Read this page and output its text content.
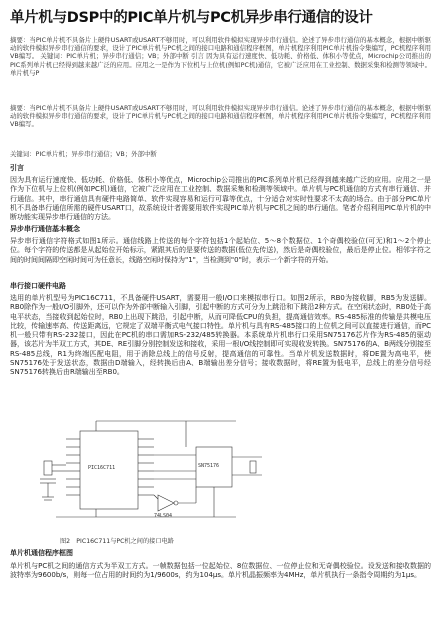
单片机与DSP中的PIC单片机与PC机异步串行通信的设计

摘要：当PIC单片机不具备片上硬件USART或USART不够用时，可以利用软件模拟实现异步串行通信。论述了异步串行通信的基本概念，根据中断驱动的软件模拟异步串行通信的要求，设计了PIC单片机与PC机之间的接口电路和通信程序框图，单片机程序利用PIC单片机指令集编写，PC机程序利用VB编写。 关键词：PIC单片机；异步串行通信；VB；外部中断 引言 因为具有运行速度快、低功耗、价格低、体积小等优点，Microchip公司推出的PIC系列单片机已经得到越来越广泛的应用。应用之一是作为下位机与上位机(例如PC机)通信，它被广泛应用在工业控制、数据采集和检测等领域中。单片机与P

摘要：当PIC单片机不具备片上硬件USART或USART不够用时，可以利用软件模拟实现异步串行通信。论述了异步串行通信的基本概念，根据中断驱动的软件模拟异步串行通信的要求，设计了PIC单片机与PC机之间的接口电路和通信程序框图，单片机程序利用PIC单片机指令集编写，PC机程序利用VB编写。

关键词：PIC单片机；异步串行通信；VB；外部中断

引言

因为具有运行速度快、低功耗、价格低、体积小等优点，Microchip公司推出的PIC系列单片机已经得到越来越广泛的应用。应用之一是作为下位机与上位机(例如PC机)通信，它被广泛应用在工业控制、数据采集和检测等领域中。单片机与PC机通信的方式有串行通信、并行通信。其中，串行通信具有硬件电路简单、软件实现容易和运行可靠等优点，十分适合对实时性要求不太高的场合。由于部分PIC单片机不具备串行通信所需的硬件USART口，故系统设计者需要用软件实现PIC单片机与PC机之间的串行通信。笔者介绍利用PIC单片机的中断功能实现异步串行通信的方法。

异步串行通信基本概念

异步串行通信字符格式如图1所示。通信线路上传送的每个字符包括1个起始位、5～8个数据位、1个奇偶校验位(可无)和1～2个停止位。每个字符的传送都是从起始位开始标示，紧跟其后的是要传送的数据(低位先传送)，然后是奇偶校验位，最后是停止位。相邻字符之间的时间间隔即空闲时间可为任意长，线路空闲时保持为"1"，当检测到"0"时，表示一个新字符的开始。

串行接口硬件电路

选用的单片机型号为PIC16C711，不具备硬件USART，需要用一般I/O口来模拟串行口。如图2所示，RB0为接收脚，RB5为发送脚。RB0除作为一般I/O引脚外，还可以作为外部中断输入引脚，引起中断的方式可分为上跳沿和下跳沿2种方式。在空闲状态时，RB0处于高电平状态，当接收到起始位时，RB0上出现下跳沿，引起中断，从而可降低CPU的负担，提高通信效率。RS-485标准的传输是共模电压比较，传输速率高、传送距离远，它规定了双端平衡式电气接口特性。单片机与具有RS-485接口的上位机之间可以直接进行通信，而PC机一般只带有RS-232接口，因此在PC机的串口需加RS-232/485转换器。本系统单片机串行口采用SN75176芯片作为RS-485的驱动器，该芯片为半双工方式，其DE、RE引脚分别控制发送和接收，采用一根I/O线控制即可实现收发转换。SN75176的A、B两线分别接至RS-485总线，R1为终端匹配电阻，用于消除总线上的信号反射，提高通信的可靠性。当单片机发送数据时，将DE置为高电平，使SN75176处于发送状态，数据由D端输入，经转换后由A、B端输出差分信号；接收数据时，将RE置为低电平，总线上的差分信号经SN75176转换后由R端输出至RB0。

PIC16C711	SN75176
74LS04

图2　PIC16C711与PC机之间的接口电路

单片机通信程序框图

单片机与PC机之间的通信方式为半双工方式。一帧数据包括一位起始位、8位数据位、一位停止位和无奇偶校验位。设发送和接收数据的波特率为9600b/s，则每一位占用的时间约为1/9600s，约为104μs。单片机晶振频率为4MHz，单片机执行一条指令周期约为1μs。
